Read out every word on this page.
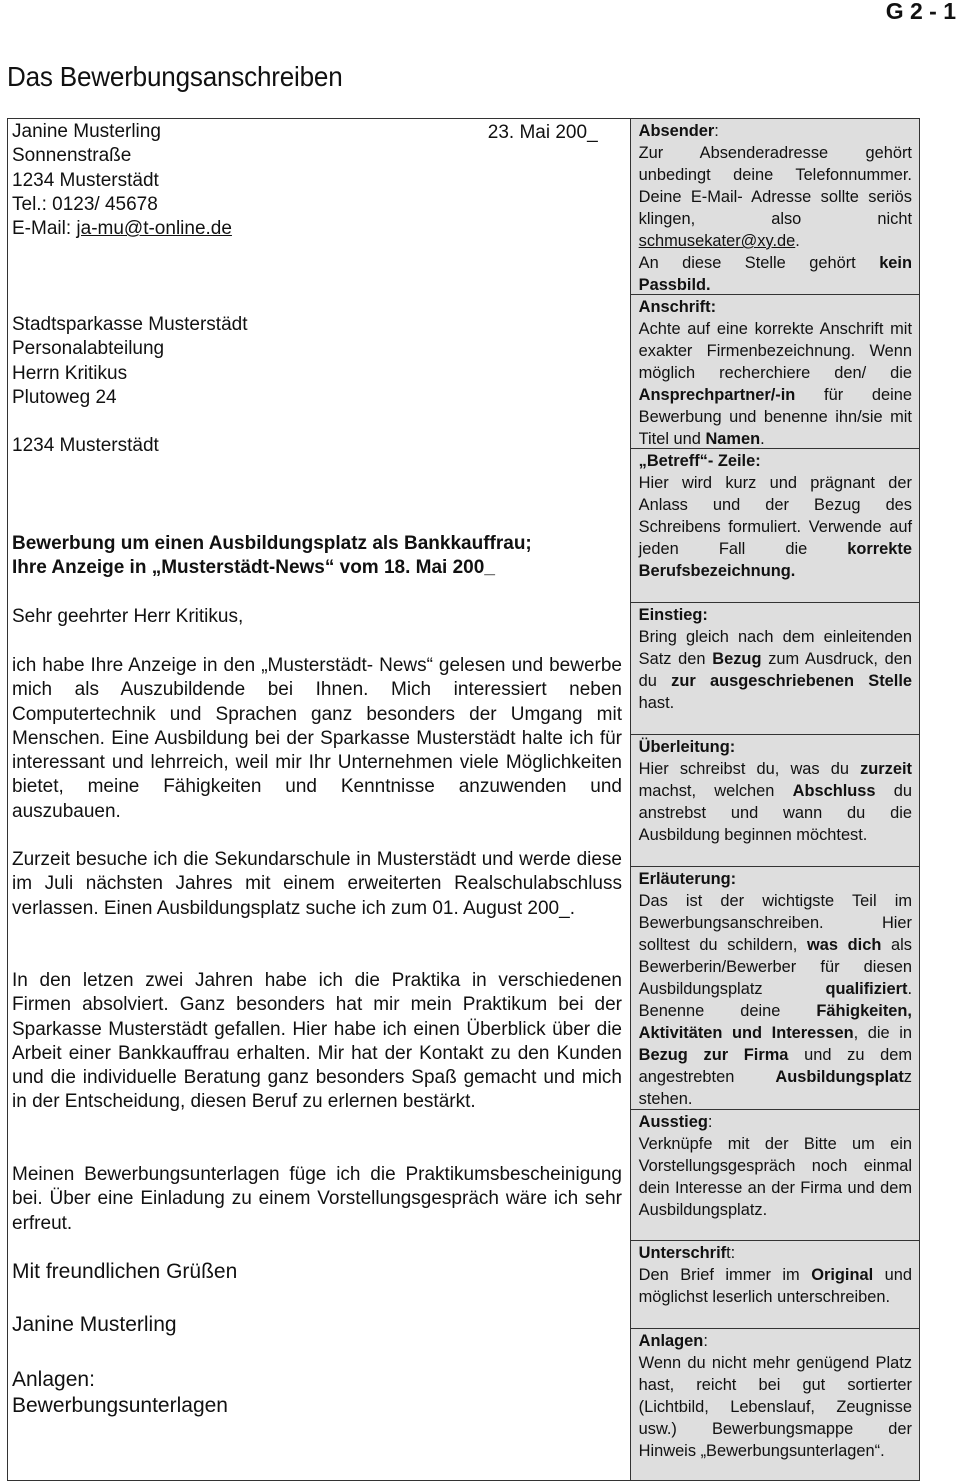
G 2 - 1
Das Bewerbungsanschreiben
23. Mai 200_
Janine Musterling
Sonnenstraße
1234 Musterstädt
Tel.: 0123/ 45678
E-Mail: ja-mu@t-online.de
Stadtsparkasse Musterstädt
Personalabteilung
Herrn Kritikus
Plutoweg 24
1234 Musterstädt
Bewerbung um einen Ausbildungsplatz als Bankkauffrau;
Ihre Anzeige in „Musterstädt-News“ vom 18. Mai 200_
Sehr geehrter Herr Kritikus,
ich habe Ihre Anzeige in den „Musterstädt- News“ gelesen und bewerbe mich als Auszubildende bei Ihnen. Mich interessiert neben Computertechnik und Sprachen ganz besonders der Umgang mit Menschen. Eine Ausbildung bei der Sparkasse Musterstädt halte ich für interessant und lehrreich, weil mir Ihr Unternehmen viele Möglichkeiten bietet, meine Fähigkeiten und Kenntnisse anzuwenden und auszubauen.
Zurzeit besuche ich die Sekundarschule in Musterstädt und werde diese im Juli nächsten Jahres mit einem erweiterten Realschulabschluss verlassen. Einen Ausbildungsplatz suche ich zum 01. August 200_.
In den letzen zwei Jahren habe ich die Praktika in verschiedenen Firmen absolviert. Ganz besonders hat mir mein Praktikum bei der Sparkasse Musterstädt gefallen. Hier habe ich einen Überblick über die Arbeit einer Bankkauffrau erhalten. Mir hat der Kontakt zu den Kunden und die individuelle Beratung ganz besonders Spaß gemacht und mich in der Entscheidung, diesen Beruf zu erlernen bestärkt.
Meinen Bewerbungsunterlagen füge ich die Praktikumsbescheinigung bei. Über eine Einladung zu einem Vorstellungsgespräch wäre ich sehr erfreut.
Mit freundlichen Grüßen
Janine Musterling
Anlagen:
Bewerbungsunterlagen
Absender:
Zur Absenderadresse gehört unbedingt deine Telefonnummer. Deine E-Mail- Adresse sollte seriös klingen, also nicht schmusekater@xy.de.
An diese Stelle gehört kein Passbild.
Anschrift:
Achte auf eine korrekte Anschrift mit exakter Firmenbezeichnung. Wenn möglich recherchiere den/ die Ansprechpartner/-in für deine Bewerbung und benenne ihn/sie mit Titel und Namen.
„Betreff“- Zeile:
Hier wird kurz und prägnant der Anlass und der Bezug des Schreibens formuliert. Verwende auf jeden Fall die korrekte Berufsbezeichnung.
Einstieg:
Bring gleich nach dem einleitenden Satz den Bezug zum Ausdruck, den du zur ausgeschriebenen Stelle hast.
Überleitung:
Hier schreibst du, was du zurzeit machst, welchen Abschluss du anstrebst und wann du die Ausbildung beginnen möchtest.
Erläuterung:
Das ist der wichtigste Teil im Bewerbungsanschreiben. Hier solltest du schildern, was dich als Bewerberin/Bewerber für diesen Ausbildungsplatz qualifiziert. Benenne deine Fähigkeiten, Aktivitäten und Interessen, die in Bezug zur Firma und zu dem angestrebten Ausbildungsplatz stehen.
Ausstieg:
Verknüpfe mit der Bitte um ein Vorstellungsgespräch noch einmal dein Interesse an der Firma und dem Ausbildungsplatz.
Unterschrift:
Den Brief immer im Original und möglichst leserlich unterschreiben.
Anlagen:
Wenn du nicht mehr genügend Platz hast, reicht bei gut sortierter (Lichtbild, Lebenslauf, Zeugnisse usw.) Bewerbungsmappe der Hinweis „Bewerbungsunterlagen“.
